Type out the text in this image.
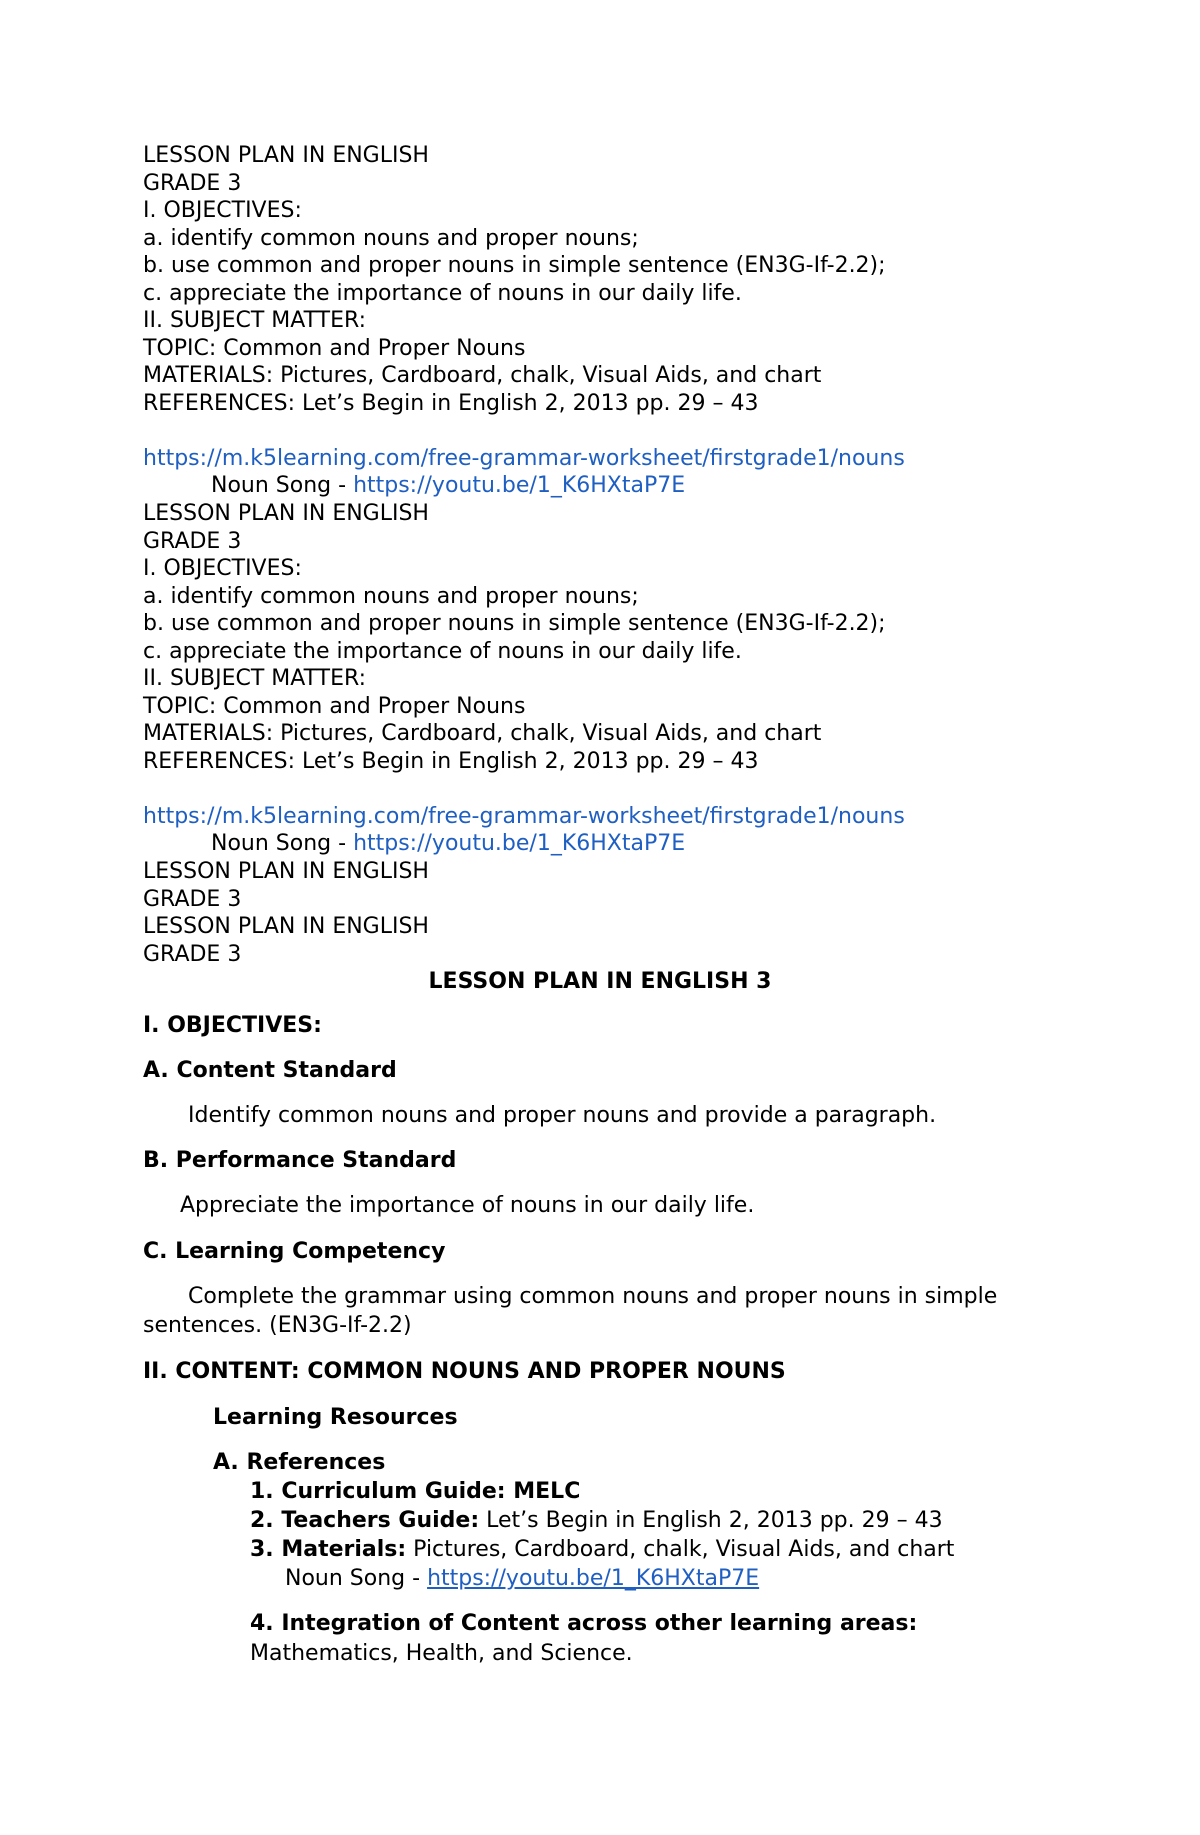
LESSON PLAN IN ENGLISH
GRADE 3
I. OBJECTIVES:
a. identify common nouns and proper nouns;
b. use common and proper nouns in simple sentence (EN3G-If-2.2);
c. appreciate the importance of nouns in our daily life.
II. SUBJECT MATTER:
TOPIC: Common and Proper Nouns
MATERIALS: Pictures, Cardboard, chalk, Visual Aids, and chart
REFERENCES: Let’s Begin in English 2, 2013 pp. 29 – 43
https://m.k5learning.com/free-grammar-worksheet/firstgrade1/nouns
Noun Song - https://youtu.be/1_K6HXtaP7E
LESSON PLAN IN ENGLISH
GRADE 3
I. OBJECTIVES:
a. identify common nouns and proper nouns;
b. use common and proper nouns in simple sentence (EN3G-If-2.2);
c. appreciate the importance of nouns in our daily life.
II. SUBJECT MATTER:
TOPIC: Common and Proper Nouns
MATERIALS: Pictures, Cardboard, chalk, Visual Aids, and chart
REFERENCES: Let’s Begin in English 2, 2013 pp. 29 – 43
https://m.k5learning.com/free-grammar-worksheet/firstgrade1/nouns
Noun Song - https://youtu.be/1_K6HXtaP7E
LESSON PLAN IN ENGLISH
GRADE 3
LESSON PLAN IN ENGLISH
GRADE 3
LESSON PLAN IN ENGLISH 3
I. OBJECTIVES:
A. Content Standard
Identify common nouns and proper nouns and provide a paragraph.
B. Performance Standard
Appreciate the importance of nouns in our daily life.
C. Learning Competency
Complete the grammar using common nouns and proper nouns in simple
sentences. (EN3G-If-2.2)
II. CONTENT: COMMON NOUNS AND PROPER NOUNS
Learning Resources
A. References
1. Curriculum Guide: MELC
2. Teachers Guide: Let’s Begin in English 2, 2013 pp. 29 – 43
3. Materials: Pictures, Cardboard, chalk, Visual Aids, and chart
Noun Song - https://youtu.be/1_K6HXtaP7E
4. Integration of Content across other learning areas:
Mathematics, Health, and Science.
